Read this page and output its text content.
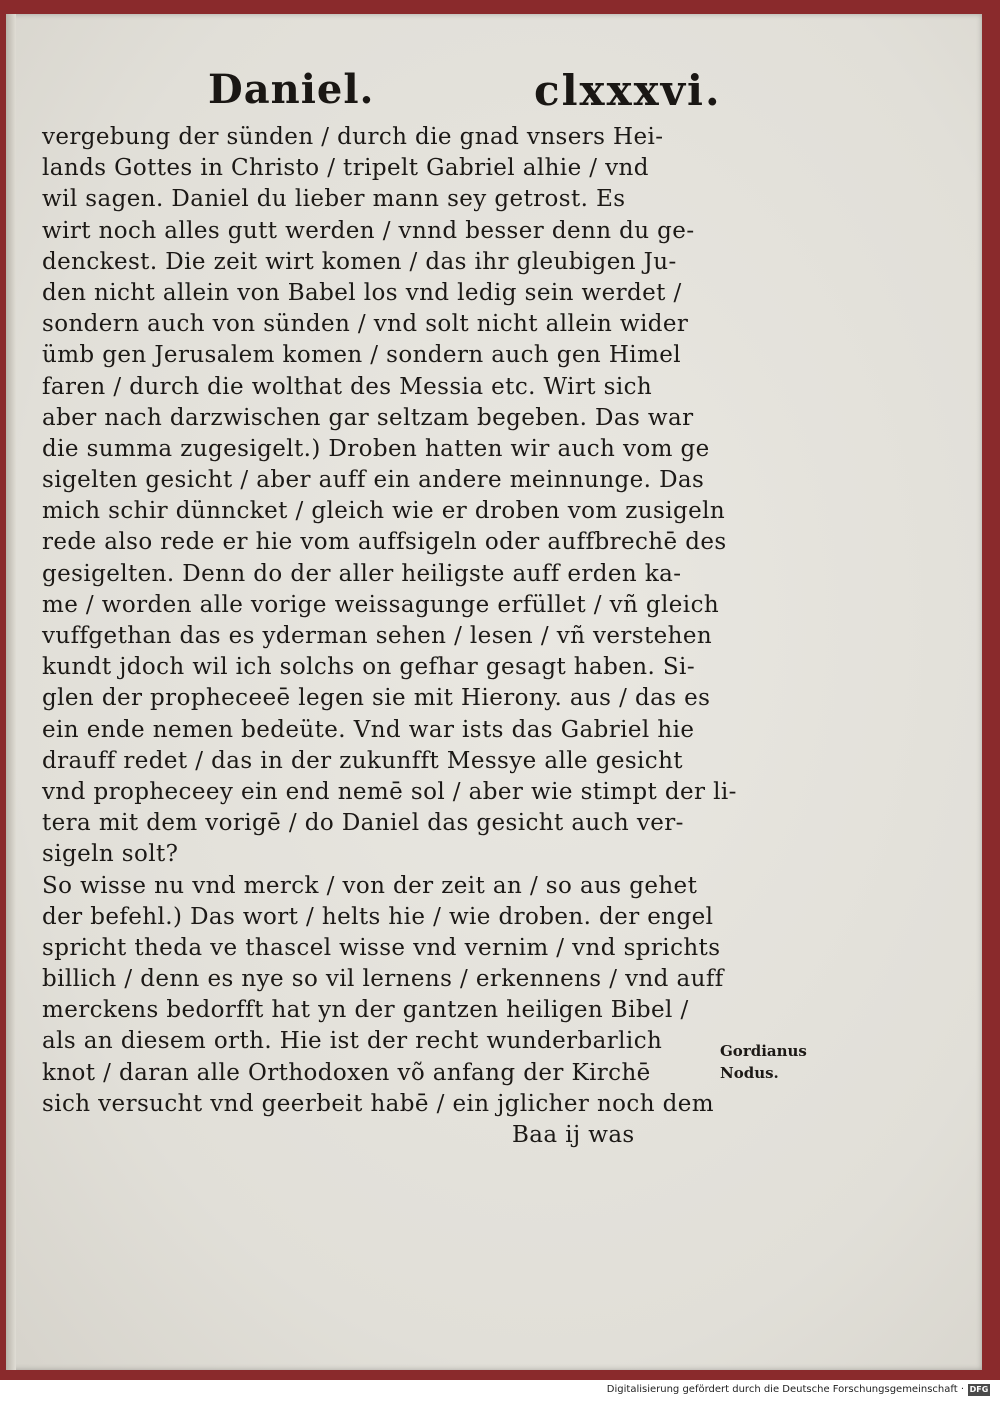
Daniel.	clxxxvi.
vergebung der sünden / durch die gnad vnsers Hei-
lands Gottes in Christo / tripelt Gabriel alhie / vnd
wil sagen. Daniel du lieber mann sey getrost. Es
wirt noch alles gutt werden / vnnd besser denn du ge-
denckest. Die zeit wirt komen / das ihr gleubigen Ju-
den nicht allein von Babel los vnd ledig sein werdet /
sondern auch von sünden / vnd solt nicht allein wider
ümb gen Jerusalem komen / sondern auch gen Himel
faren / durch die wolthat des Messia etc. Wirt sich
aber nach darzwischen gar seltzam begeben. Das war
die summa zugesigelt.) Droben hatten wir auch vom ge
sigelten gesicht / aber auff ein andere meinnunge. Das
mich schir dünncket / gleich wie er droben vom zusigeln
rede also rede er hie vom auffsigeln oder auffbrechē des
gesigelten. Denn do der aller heiligste auff erden ka-
me / worden alle vorige weissagunge erfüllet / vñ gleich
vuffgethan das es yderman sehen / lesen / vñ verstehen
kundt jdoch wil ich solchs on gefhar gesagt haben. Si-
glen der propheceeē legen sie mit Hierony. aus / das es
ein ende nemen bedeüte. Vnd war ists das Gabriel hie
drauff redet / das in der zukunfft Messye alle gesicht
vnd propheceey ein end nemē sol / aber wie stimpt der li-
tera mit dem vorigē / do Daniel das gesicht auch ver-
sigeln solt?
So wisse nu vnd merck / von der zeit an / so aus gehet
der befehl.) Das wort / helts hie / wie droben. der engel
spricht theda ve thascel wisse vnd vernim / vnd sprichts
billich / denn es nye so vil lernens / erkennens / vnd auff
merckens bedorfft hat yn der gantzen heiligen Bibel /
als an diesem orth. Hie ist der recht wunderbarlich
knot / daran alle Orthodoxen võ anfang der Kirchē
sich versucht vnd geerbeit habē / ein jglicher noch dem
Baa ij was
Gordianus
Nodus.
Digitalisierung gefördert durch die Deutsche Forschungsgemeinschaft · DFG
